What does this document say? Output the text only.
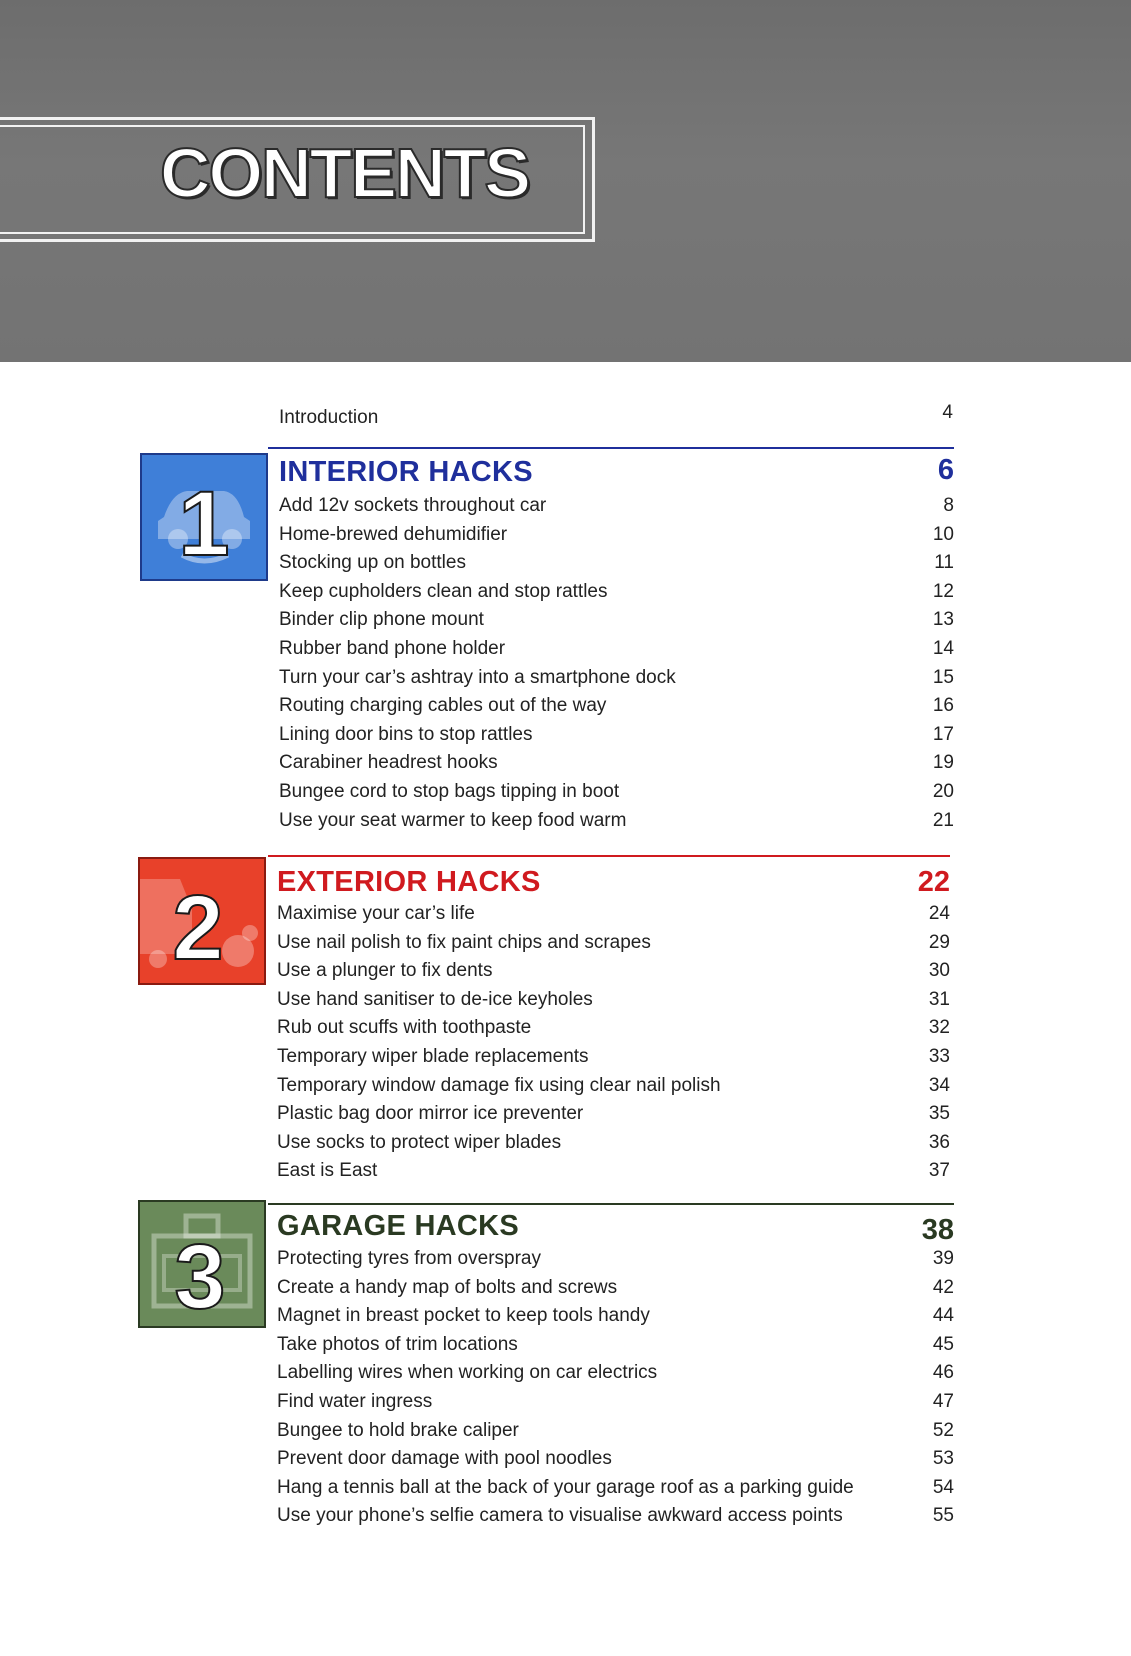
CONTENTS
Introduction	4
1
INTERIOR HACKS	6
Add 12v sockets throughout car	8
Home-brewed dehumidifier	10
Stocking up on bottles	11
Keep cupholders clean and stop rattles	12
Binder clip phone mount	13
Rubber band phone holder	14
Turn your car’s ashtray into a smartphone dock	15
Routing charging cables out of the way	16
Lining door bins to stop rattles	17
Carabiner headrest hooks	19
Bungee cord to stop bags tipping in boot	20
Use your seat warmer to keep food warm	21
2 EXTERIOR HACKS	22
Maximise your car’s life	24
Use nail polish to fix paint chips and scrapes	29
Use a plunger to fix dents	30
Use hand sanitiser to de-ice keyholes	31
Rub out scuffs with toothpaste	32
Temporary wiper blade replacements	33
Temporary window damage fix using clear nail polish	34
Plastic bag door mirror ice preventer	35
Use socks to protect wiper blades	36
East is East	37
3 GARAGE HACKS	38
Protecting tyres from overspray	39
Create a handy map of bolts and screws	42
Magnet in breast pocket to keep tools handy	44
Take photos of trim locations	45
Labelling wires when working on car electrics	46
Find water ingress	47
Bungee to hold brake caliper	52
Prevent door damage with pool noodles	53
Hang a tennis ball at the back of your garage roof as a parking guide	54
Use your phone’s selfie camera to visualise awkward access points	55
